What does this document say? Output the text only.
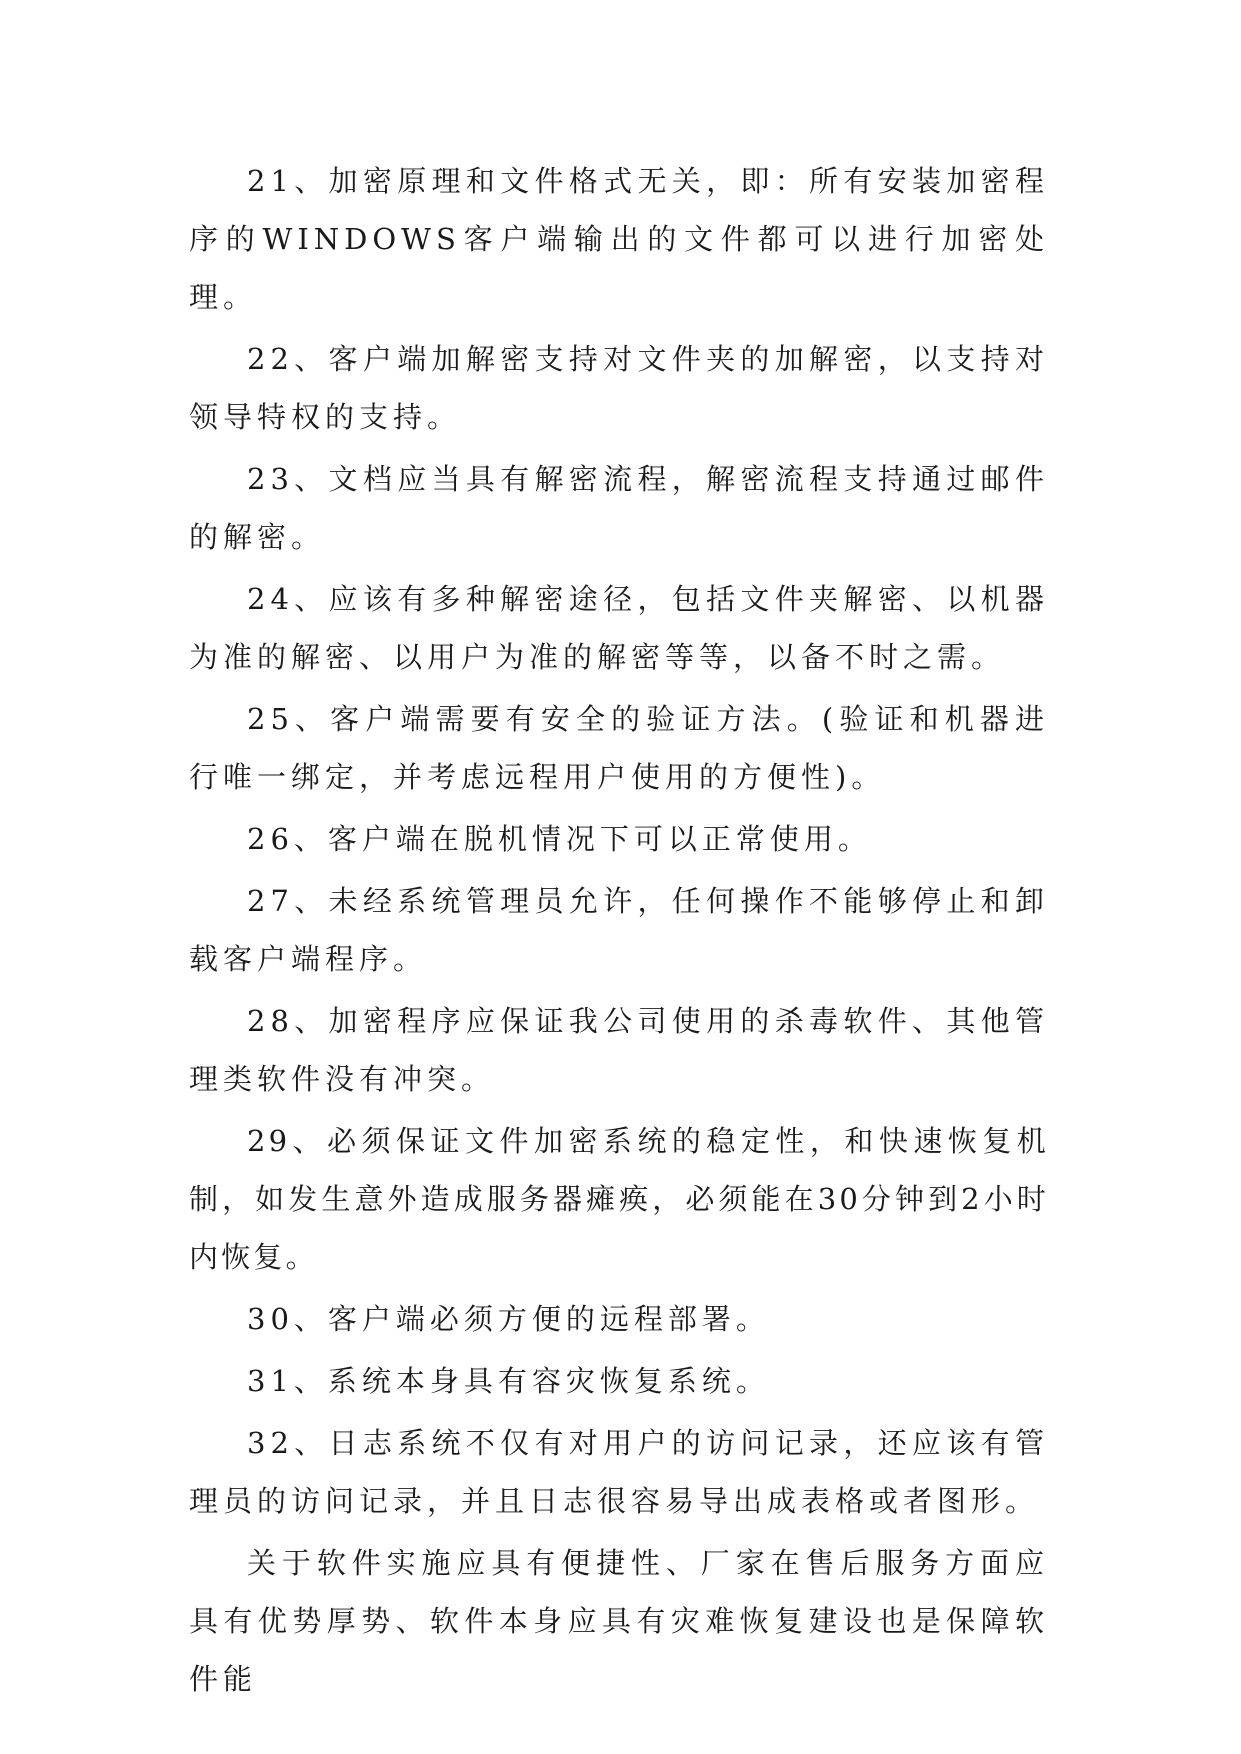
21、加密原理和文件格式无关，即：所有安装加密程序的WINDOWS客户端输出的文件都可以进行加密处理。

22、客户端加解密支持对文件夹的加解密，以支持对领导特权的支持。

23、文档应当具有解密流程，解密流程支持通过邮件的解密。

24、应该有多种解密途径，包括文件夹解密、以机器为准的解密、以用户为准的解密等等，以备不时之需。

25、客户端需要有安全的验证方法。(验证和机器进行唯一绑定，并考虑远程用户使用的方便性)。

26、客户端在脱机情况下可以正常使用。

27、未经系统管理员允许，任何操作不能够停止和卸载客户端程序。

28、加密程序应保证我公司使用的杀毒软件、其他管理类软件没有冲突。

29、必须保证文件加密系统的稳定性，和快速恢复机制，如发生意外造成服务器瘫痪，必须能在30分钟到2小时内恢复。

30、客户端必须方便的远程部署。

31、系统本身具有容灾恢复系统。

32、日志系统不仅有对用户的访问记录，还应该有管理员的访问记录，并且日志很容易导出成表格或者图形。

关于软件实施应具有便捷性、厂家在售后服务方面应具有优势厚势、软件本身应具有灾难恢复建设也是保障软件能
